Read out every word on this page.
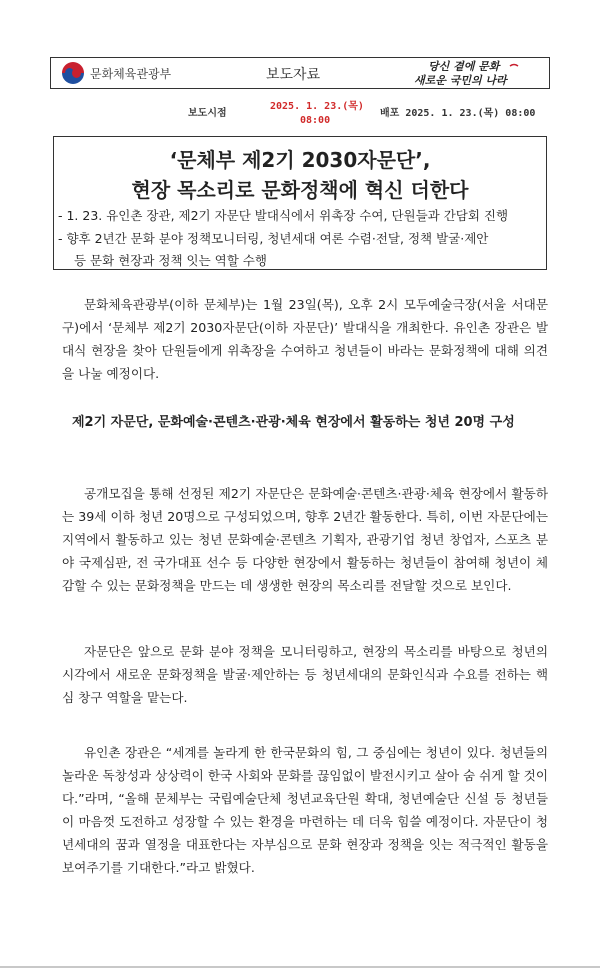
문화체육관광부	보도자료
당신 곁에 문화
새로운 국민의 나라
보도시점
2025. 1. 23.(목)
08:00
배포 2025. 1. 23.(목) 08:00
‘문체부 제2기 2030자문단’,
현장 목소리로 문화정책에 혁신 더한다
- 1. 23. 유인촌 장관, 제2기 자문단 발대식에서 위촉장 수여, 단원들과 간담회 진행
- 향후 2년간 문화 분야 정책모니터링, 청년세대 여론 수렴·전달, 정책 발굴·제안
등 문화 현장과 정책 잇는 역할 수행
문화체육관광부(이하 문체부)는 1월 23일(목), 오후 2시 모두예술극장(서울 서대문구)에서 ‘문체부 제2기 2030자문단(이하 자문단)’ 발대식을 개최한다. 유인촌 장관은 발대식 현장을 찾아 단원들에게 위촉장을 수여하고 청년들이 바라는 문화정책에 대해 의견을 나눌 예정이다.
제2기 자문단, 문화예술·콘텐츠·관광·체육 현장에서 활동하는 청년 20명 구성
공개모집을 통해 선정된 제2기 자문단은 문화예술·콘텐츠·관광·체육 현장에서 활동하는 39세 이하 청년 20명으로 구성되었으며, 향후 2년간 활동한다. 특히, 이번 자문단에는 지역에서 활동하고 있는 청년 문화예술·콘텐츠 기획자, 관광기업 청년 창업자, 스포츠 분야 국제심판, 전 국가대표 선수 등 다양한 현장에서 활동하는 청년들이 참여해 청년이 체감할 수 있는 문화정책을 만드는 데 생생한 현장의 목소리를 전달할 것으로 보인다.
자문단은 앞으로 문화 분야 정책을 모니터링하고, 현장의 목소리를 바탕으로 청년의 시각에서 새로운 문화정책을 발굴·제안하는 등 청년세대의 문화인식과 수요를 전하는 핵심 창구 역할을 맡는다.
유인촌 장관은 “세계를 놀라게 한 한국문화의 힘, 그 중심에는 청년이 있다. 청년들의 놀라운 독창성과 상상력이 한국 사회와 문화를 끊임없이 발전시키고 살아 숨 쉬게 할 것이다.”라며, “올해 문체부는 국립예술단체 청년교육단원 확대, 청년예술단 신설 등 청년들이 마음껏 도전하고 성장할 수 있는 환경을 마련하는 데 더욱 힘쓸 예정이다. 자문단이 청년세대의 꿈과 열정을 대표한다는 자부심으로 문화 현장과 정책을 잇는 적극적인 활동을 보여주기를 기대한다.”라고 밝혔다.
